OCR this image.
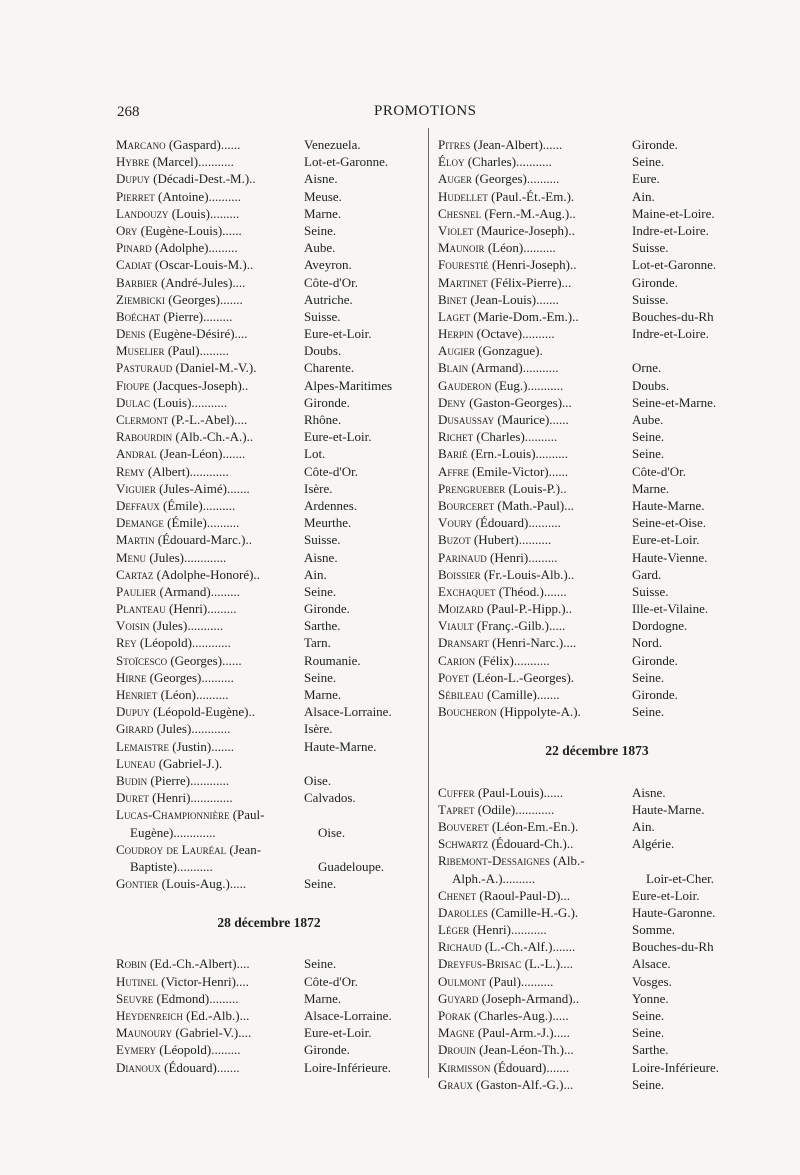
268	PROMOTIONS
Marcano (Gaspard)......	Venezuela.
Hybre (Marcel)...........	Lot-et-Garonne.
Dupuy (Décadi-Dest.-M.)..	Aisne.
Pierret (Antoine)..........	Meuse.
Landouzy (Louis).........	Marne.
Ory (Eugène-Louis)......	Seine.
Pinard (Adolphe).........	Aube.
Cadiat (Oscar-Louis-M.)..	Aveyron.
Barbier (André-Jules)....	Côte-d'Or.
Ziembicki (Georges).......	Autriche.
Boéchat (Pierre).........	Suisse.
Denis (Eugène-Désiré)....	Eure-et-Loir.
Muselier (Paul).........	Doubs.
Pasturaud (Daniel-M.-V.).	Charente.
Fioupe (Jacques-Joseph)..	Alpes-Maritimes
Dulac (Louis)...........	Gironde.
Clermont (P.-L.-Abel)....	Rhône.
Rabourdin (Alb.-Ch.-A.)..	Eure-et-Loir.
Andral (Jean-Léon).......	Lot.
Remy (Albert)............	Côte-d'Or.
Viguier (Jules-Aimé).......	Isère.
Deffaux (Émile)..........	Ardennes.
Demange (Émile)..........	Meurthe.
Martin (Édouard-Marc.)..	Suisse.
Menu (Jules).............	Aisne.
Cartaz (Adolphe-Honoré)..	Ain.
Paulier (Armand).........	Seine.
Planteau (Henri).........	Gironde.
Voisin (Jules)...........	Sarthe.
Rey (Léopold)............	Tarn.
Stoïcesco (Georges)......	Roumanie.
Hirne (Georges)..........	Seine.
Henriet (Léon)..........	Marne.
Dupuy (Léopold-Eugène)..	Alsace-Lorraine.
Girard (Jules)............	Isère.
Lemaistre (Justin).......	Haute-Marne.
Luneau (Gabriel-J.).
Budin (Pierre)............	Oise.
Duret (Henri).............	Calvados.
Lucas-Championnière (Paul-
Eugène).............	Oise.
Coudroy de Lauréal (Jean-
Baptiste)...........	Guadeloupe.
Gontier (Louis-Aug.).....	Seine.
28 décembre 1872
Robin (Ed.-Ch.-Albert)....	Seine.
Hutinel (Victor-Henri)....	Côte-d'Or.
Seuvre (Edmond).........	Marne.
Heydenreich (Ed.-Alb.)...	Alsace-Lorraine.
Maunoury (Gabriel-V.)....	Eure-et-Loir.
Eymery (Léopold).........	Gironde.
Dianoux (Édouard).......	Loire-Inférieure.
Pitres (Jean-Albert)......	Gironde.
Éloy (Charles)...........	Seine.
Auger (Georges)..........	Eure.
Hudellet (Paul.-Ét.-Em.).	Ain.
Chesnel (Fern.-M.-Aug.)..	Maine-et-Loire.
Violet (Maurice-Joseph)..	Indre-et-Loire.
Maunoir (Léon)..........	Suisse.
Fourestié (Henri-Joseph)..	Lot-et-Garonne.
Martinet (Félix-Pierre)...	Gironde.
Binet (Jean-Louis).......	Suisse.
Laget (Marie-Dom.-Em.)..	Bouches-du-Rh
Herpin (Octave)..........	Indre-et-Loire.
Augier (Gonzague).
Blain (Armand)...........	Orne.
Gauderon (Eug.)...........	Doubs.
Deny (Gaston-Georges)...	Seine-et-Marne.
Dusaussay (Maurice)......	Aube.
Richet (Charles)..........	Seine.
Barié (Ern.-Louis)..........	Seine.
Affre (Emile-Victor)......	Côte-d'Or.
Prengrueber (Louis-P.)..	Marne.
Bourceret (Math.-Paul)...	Haute-Marne.
Voury (Édouard)..........	Seine-et-Oise.
Buzot (Hubert)..........	Eure-et-Loir.
Parinaud (Henri).........	Haute-Vienne.
Boissier (Fr.-Louis-Alb.)..	Gard.
Exchaquet (Théod.).......	Suisse.
Moizard (Paul-P.-Hipp.)..	Ille-et-Vilaine.
Viault (Franç.-Gilb.).....	Dordogne.
Dransart (Henri-Narc.)....	Nord.
Carion (Félix)...........	Gironde.
Poyet (Léon-L.-Georges).	Seine.
Sébileau (Camille).......	Gironde.
Boucheron (Hippolyte-A.).	Seine.
22 décembre 1873
Cuffer (Paul-Louis)......	Aisne.
Tapret (Odile)............	Haute-Marne.
Bouveret (Léon-Em.-En.).	Ain.
Schwartz (Édouard-Ch.)..	Algérie.
Ribemont-Dessaignes (Alb.-
Alph.-A.)..........	Loir-et-Cher.
Chenet (Raoul-Paul-D)...	Eure-et-Loir.
Darolles (Camille-H.-G.).	Haute-Garonne.
Léger (Henri)...........	Somme.
Richaud (L.-Ch.-Alf.).......	Bouches-du-Rh
Dreyfus-Brisac (L.-L.)....	Alsace.
Oulmont (Paul)..........	Vosges.
Guyard (Joseph-Armand)..	Yonne.
Porak (Charles-Aug.).....	Seine.
Magne (Paul-Arm.-J.).....	Seine.
Drouin (Jean-Léon-Th.)...	Sarthe.
Kirmisson (Édouard).......	Loire-Inférieure.
Graux (Gaston-Alf.-G.)...	Seine.
